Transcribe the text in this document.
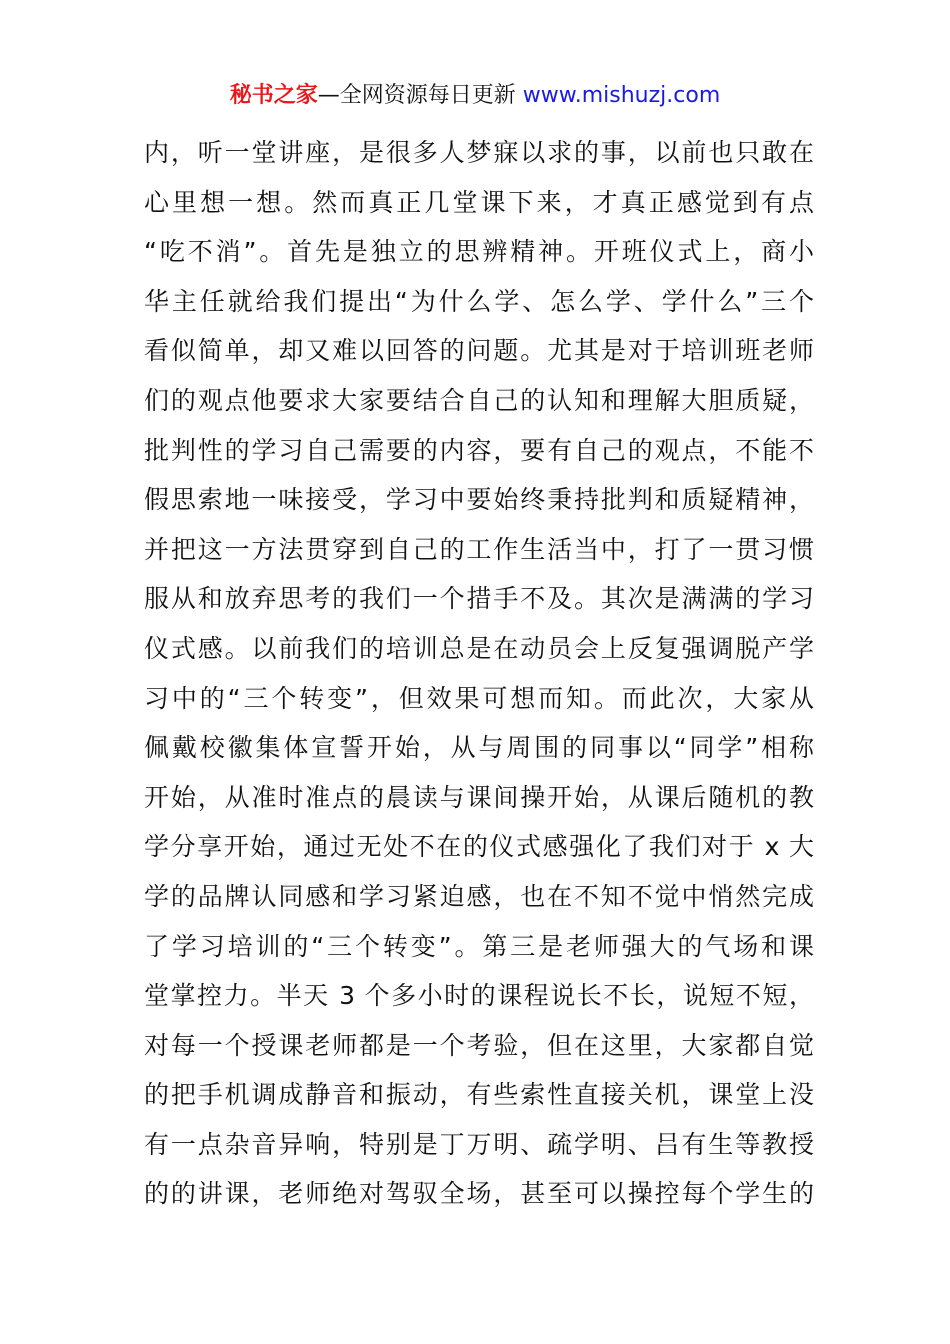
秘书之家—全网资源每日更新 www.mishuzj.com
内，听一堂讲座，是很多人梦寐以求的事，以前也只敢在
心里想一想。然而真正几堂课下来，才真正感觉到有点
“吃不消”。首先是独立的思辨精神。开班仪式上，商小
华主任就给我们提出“为什么学、怎么学、学什么”三个
看似简单，却又难以回答的问题。尤其是对于培训班老师
们的观点他要求大家要结合自己的认知和理解大胆质疑，
批判性的学习自己需要的内容，要有自己的观点，不能不
假思索地一味接受，学习中要始终秉持批判和质疑精神，
并把这一方法贯穿到自己的工作生活当中，打了一贯习惯
服从和放弃思考的我们一个措手不及。其次是满满的学习
仪式感。以前我们的培训总是在动员会上反复强调脱产学
习中的“三个转变”，但效果可想而知。而此次，大家从
佩戴校徽集体宣誓开始，从与周围的同事以“同学”相称
开始，从准时准点的晨读与课间操开始，从课后随机的教
学分享开始，通过无处不在的仪式感强化了我们对于 x 大
学的品牌认同感和学习紧迫感，也在不知不觉中悄然完成
了学习培训的“三个转变”。第三是老师强大的气场和课
堂掌控力。半天 3 个多小时的课程说长不长，说短不短，
对每一个授课老师都是一个考验，但在这里，大家都自觉
的把手机调成静音和振动，有些索性直接关机，课堂上没
有一点杂音异响，特别是丁万明、疏学明、吕有生等教授
的的讲课，老师绝对驾驭全场，甚至可以操控每个学生的
